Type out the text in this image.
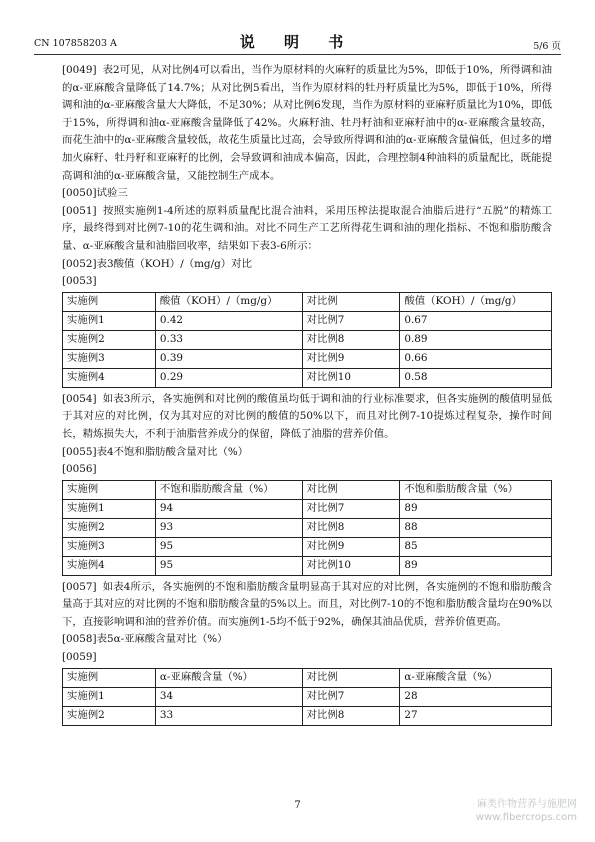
CN 107858203 A	说 明 书	5/6 页

[0049] 表2可见，从对比例4可以看出，当作为原材料的火麻籽的质量比为5%，即低于10%，所得调和油的α-亚麻酸含量降低了14.7%；从对比例5看出，当作为原材料的牡丹籽质量比为5%，即低于10%，所得调和油的α-亚麻酸含量大大降低，不足30%；从对比例6发现，当作为原材料的亚麻籽质量比为10%，即低于15%，所得调和油α-亚麻酸含量降低了42%。火麻籽油、牡丹籽油和亚麻籽油中的α-亚麻酸含量较高，而花生油中的α-亚麻酸含量较低，故花生质量比过高，会导致所得调和油的α-亚麻酸含量偏低，但过多的增加火麻籽、牡丹籽和亚麻籽的比例，会导致调和油成本偏高，因此，合理控制4种油料的质量配比，既能提高调和油的α-亚麻酸含量，又能控制生产成本。

[0050]试验三

[0051] 按照实施例1-4所述的原料质量配比混合油料，采用压榨法提取混合油脂后进行“五脱”的精炼工序，最终得到对比例7-10的花生调和油。对比不同生产工艺所得花生调和油的理化指标、不饱和脂肪酸含量、α-亚麻酸含量和油脂回收率，结果如下表3-6所示：

[0052]表3酸值（KOH）/（mg/g）对比

[0053]

实施例	酸值（KOH）/（mg/g）	对比例	酸值（KOH）/（mg/g）
实施例1	0.42	对比例7	0.67
实施例2	0.33	对比例8	0.89
实施例3	0.39	对比例9	0.66
实施例4	0.29	对比例10	0.58

[0054] 如表3所示，各实施例和对比例的酸值虽均低于调和油的行业标准要求，但各实施例的酸值明显低于其对应的对比例，仅为其对应的对比例的酸值的50%以下，而且对比例7-10提炼过程复杂，操作时间长，精炼损失大，不利于油脂营养成分的保留，降低了油脂的营养价值。

[0055]表4不饱和脂肪酸含量对比（%）

[0056]

实施例	不饱和脂肪酸含量（%）	对比例	不饱和脂肪酸含量（%）
实施例1	94	对比例7	89
实施例2	93	对比例8	88
实施例3	95	对比例9	85
实施例4	95	对比例10	89

[0057] 如表4所示，各实施例的不饱和脂肪酸含量明显高于其对应的对比例，各实施例的不饱和脂肪酸含量高于其对应的对比例的不饱和脂肪酸含量的5%以上。而且，对比例7-10的不饱和脂肪酸含量均在90%以下，直接影响调和油的营养价值。而实施例1-5均不低于92%，确保其油品优质，营养价值更高。

[0058]表5α-亚麻酸含量对比（%）

[0059]

实施例	α-亚麻酸含量（%）	对比例	α-亚麻酸含量（%）
实施例1	34	对比例7	28
实施例2	33	对比例8	27
7	麻类作物营养与施肥网
www.fibercrops.com
